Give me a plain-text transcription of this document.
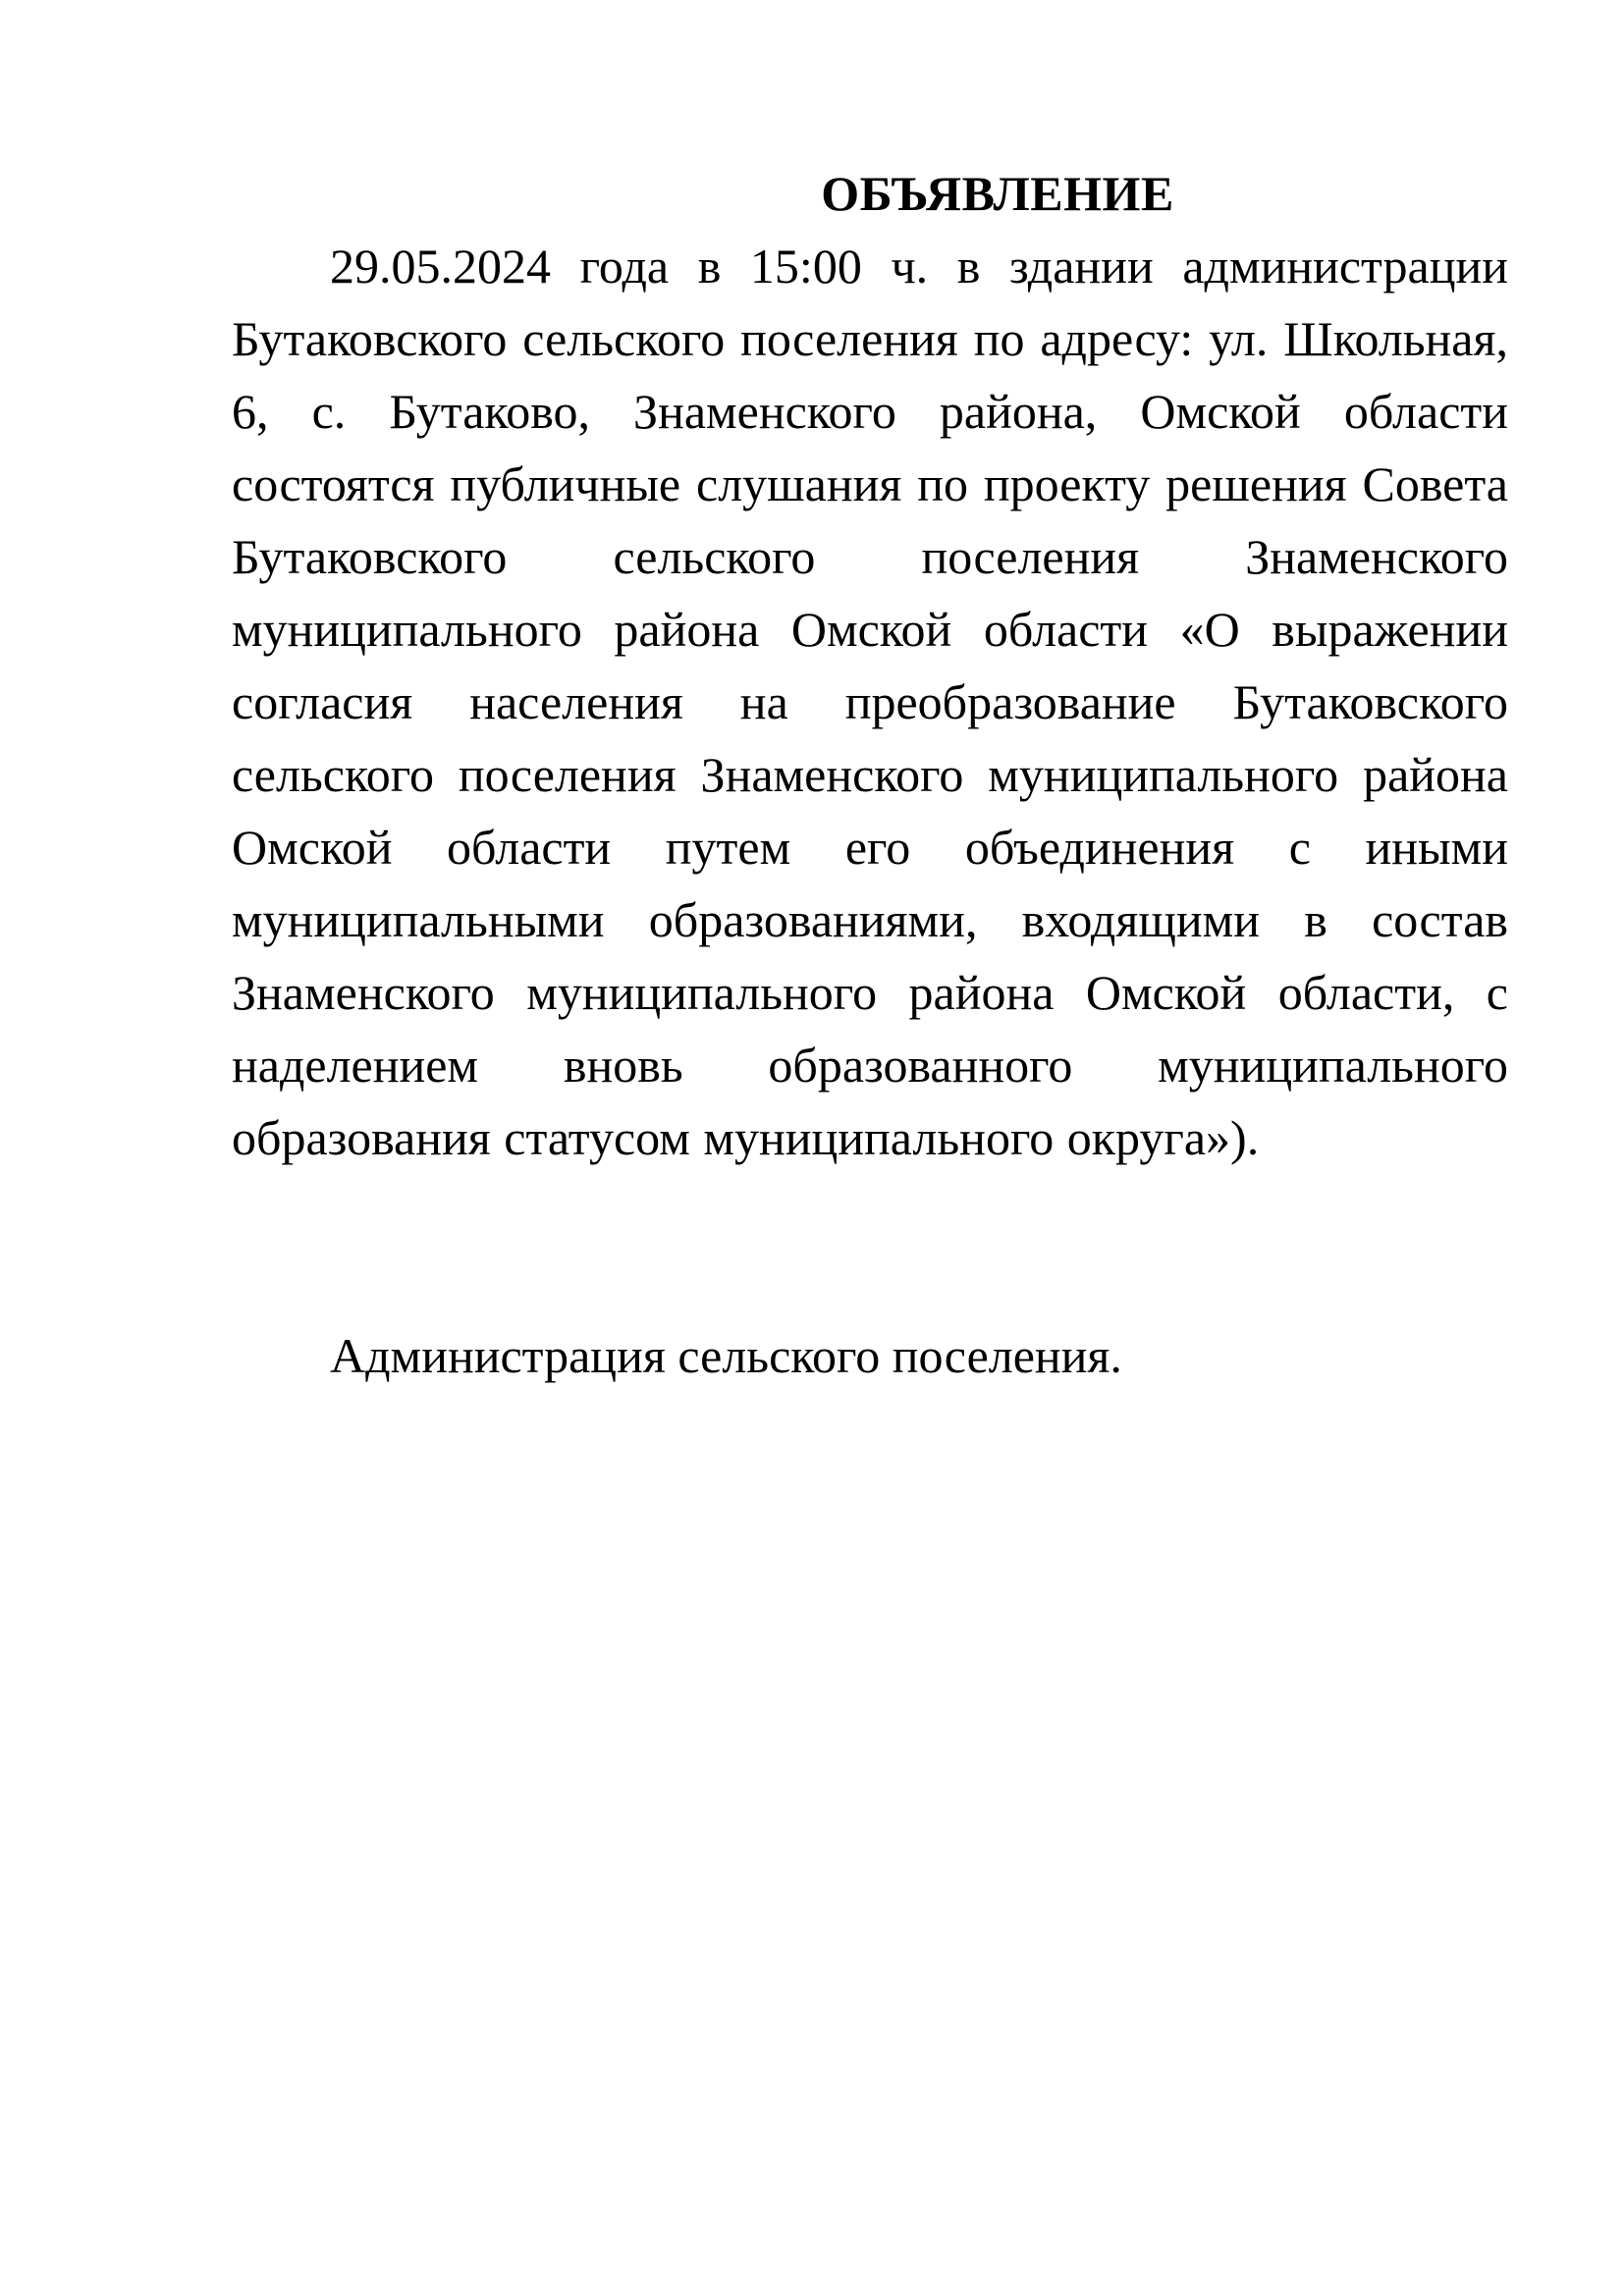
ОБЪЯВЛЕНИЕ

29.05.2024 года в 15:00 ч. в здании администрации Бутаковского сельского поселения по адресу: ул. Школьная, 6, с. Бутаково, Знаменского района, Омской области состоятся публичные слушания по проекту решения Совета Бутаковского сельского поселения Знаменского муниципального района Омской области «О выражении согласия населения на преобразование Бутаковского сельского поселения Знаменского муниципального района Омской области путем его объединения с иными муниципальными образованиями, входящими в состав Знаменского муниципального района Омской области, с наделением вновь образованного муниципального образования статусом муниципального округа»).

Администрация сельского поселения.
